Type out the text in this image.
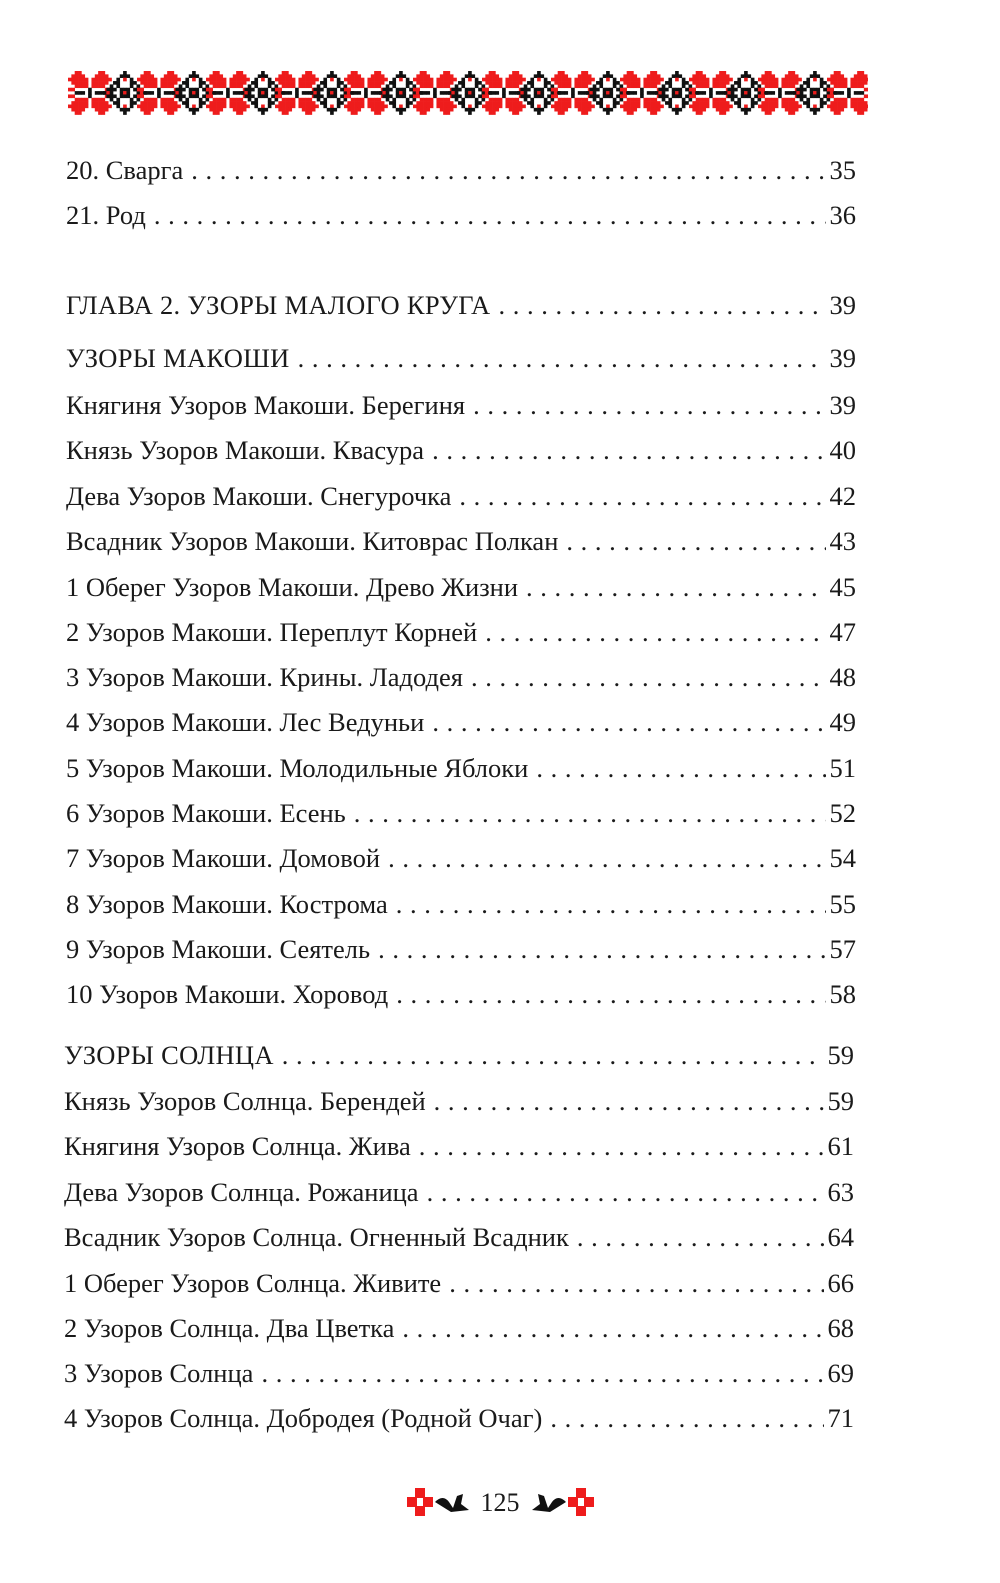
20. Сварга . . .	35
21. Род . . .	36
ГЛАВА 2. УЗОРЫ МАЛОГО КРУГА . . .	39
УЗОРЫ МАКОШИ . . .	39
Княгиня Узоров Макоши. Берегиня . . .	39
Князь Узоров Макоши. Квасура . . .	40
Дева Узоров Макоши. Снегурочка . . .	42
Всадник Узоров Макоши. Китоврас Полкан . . .	43
1 Оберег Узоров Макоши. Древо Жизни . . .	45
2 Узоров Макоши. Переплут Корней . . .	47
3 Узоров Макоши. Крины. Ладодея . . .	48
4 Узоров Макоши. Лес Ведуньи . . .	49
5 Узоров Макоши. Молодильные Яблоки . . .	51
6 Узоров Макоши. Есень . . .	52
7 Узоров Макоши. Домовой . . .	54
8 Узоров Макоши. Кострома . . .	55
9 Узоров Макоши. Сеятель . . .	57
10 Узоров Макоши. Хоровод . . .	58
УЗОРЫ СОЛНЦА . . .	59
Князь Узоров Солнца. Берендей . . .	59
Княгиня Узоров Солнца. Жива . . .	61
Дева Узоров Солнца. Рожаница . . .	63
Всадник Узоров Солнца. Огненный Всадник . . .	64
1 Оберег Узоров Солнца. Живите . . .	66
2 Узоров Солнца. Два Цветка . . .	68
3 Узоров Солнца . . .	69
4 Узоров Солнца. Добродея (Родной Очаг) . . .	71
125
